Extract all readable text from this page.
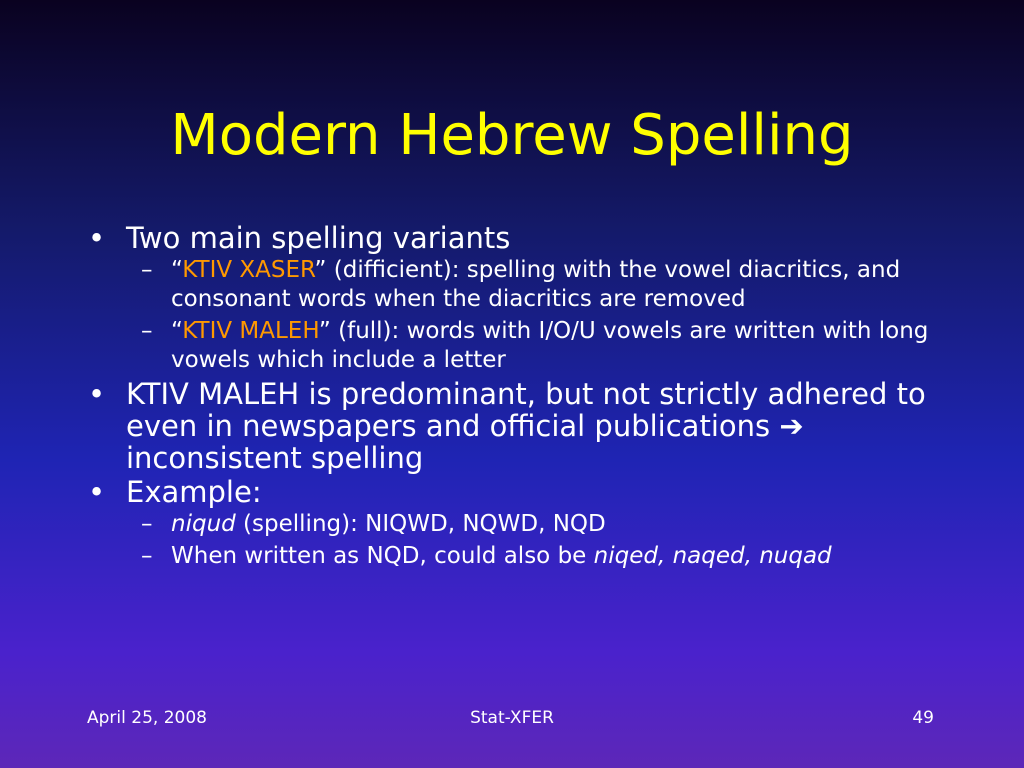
Modern Hebrew Spelling
• Two main spelling variants
– “KTIV XASER” (difficient): spelling with the vowel diacritics, and consonant words when the diacritics are removed
– “KTIV MALEH” (full): words with I/O/U vowels are written with long vowels which include a letter
• KTIV MALEH is predominant, but not strictly adhered to even in newspapers and official publications ➔ inconsistent spelling
• Example:
– niqud (spelling): NIQWD, NQWD, NQD
– When written as NQD, could also be niqed, naqed, nuqad
April 25, 2008	Stat-XFER	49
